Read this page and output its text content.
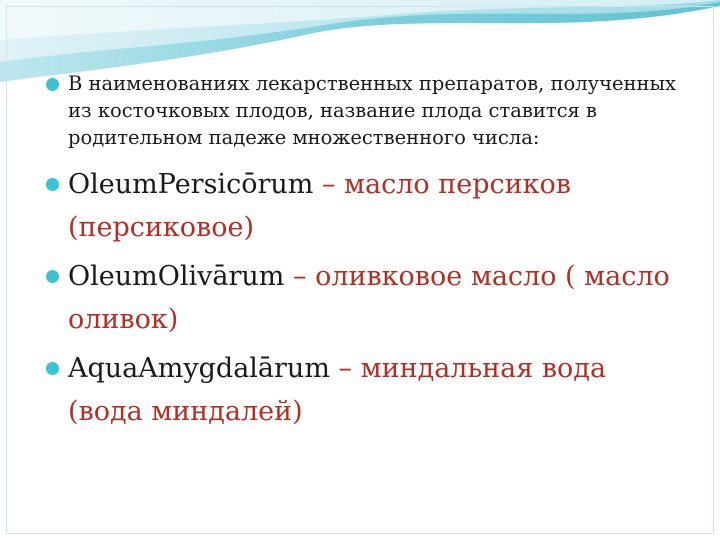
В наименованиях лекарственных препаратов, полученных из косточковых плодов, название плода ставится в родительном падеже множественного числа:
OleumPersicōrum – масло персиков (персиковое)
OleumOlivārum – оливковое масло ( масло оливок)
AquaAmygdalārum – миндальная вода (вода миндалей)
